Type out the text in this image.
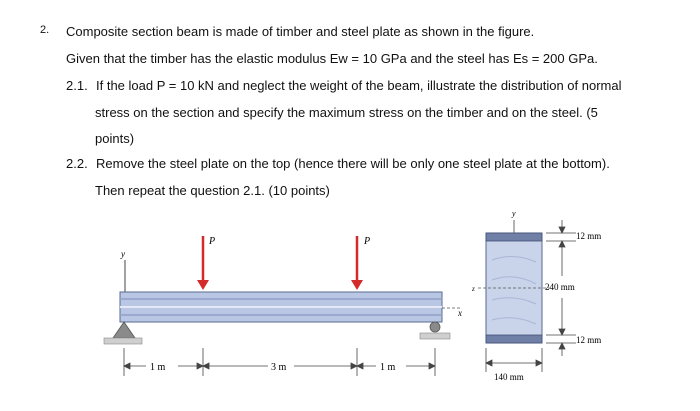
2. Composite section beam is made of timber and steel plate as shown in the figure.
Given that the timber has the elastic modulus Ew = 10 GPa and the steel has Es = 200 GPa.
2.1. If the load P = 10 kN and neglect the weight of the beam, illustrate the distribution of normal
stress on the section and specify the maximum stress on the timber and on the steel. (5
points)
2.2. Remove the steel plate on the top (hence there will be only one steel plate at the bottom).
Then repeat the question 2.1. (10 points)
y
x
P	P
1 m	3 m	1 m
y
z
12 mm
240 mm
12 mm
140 mm
